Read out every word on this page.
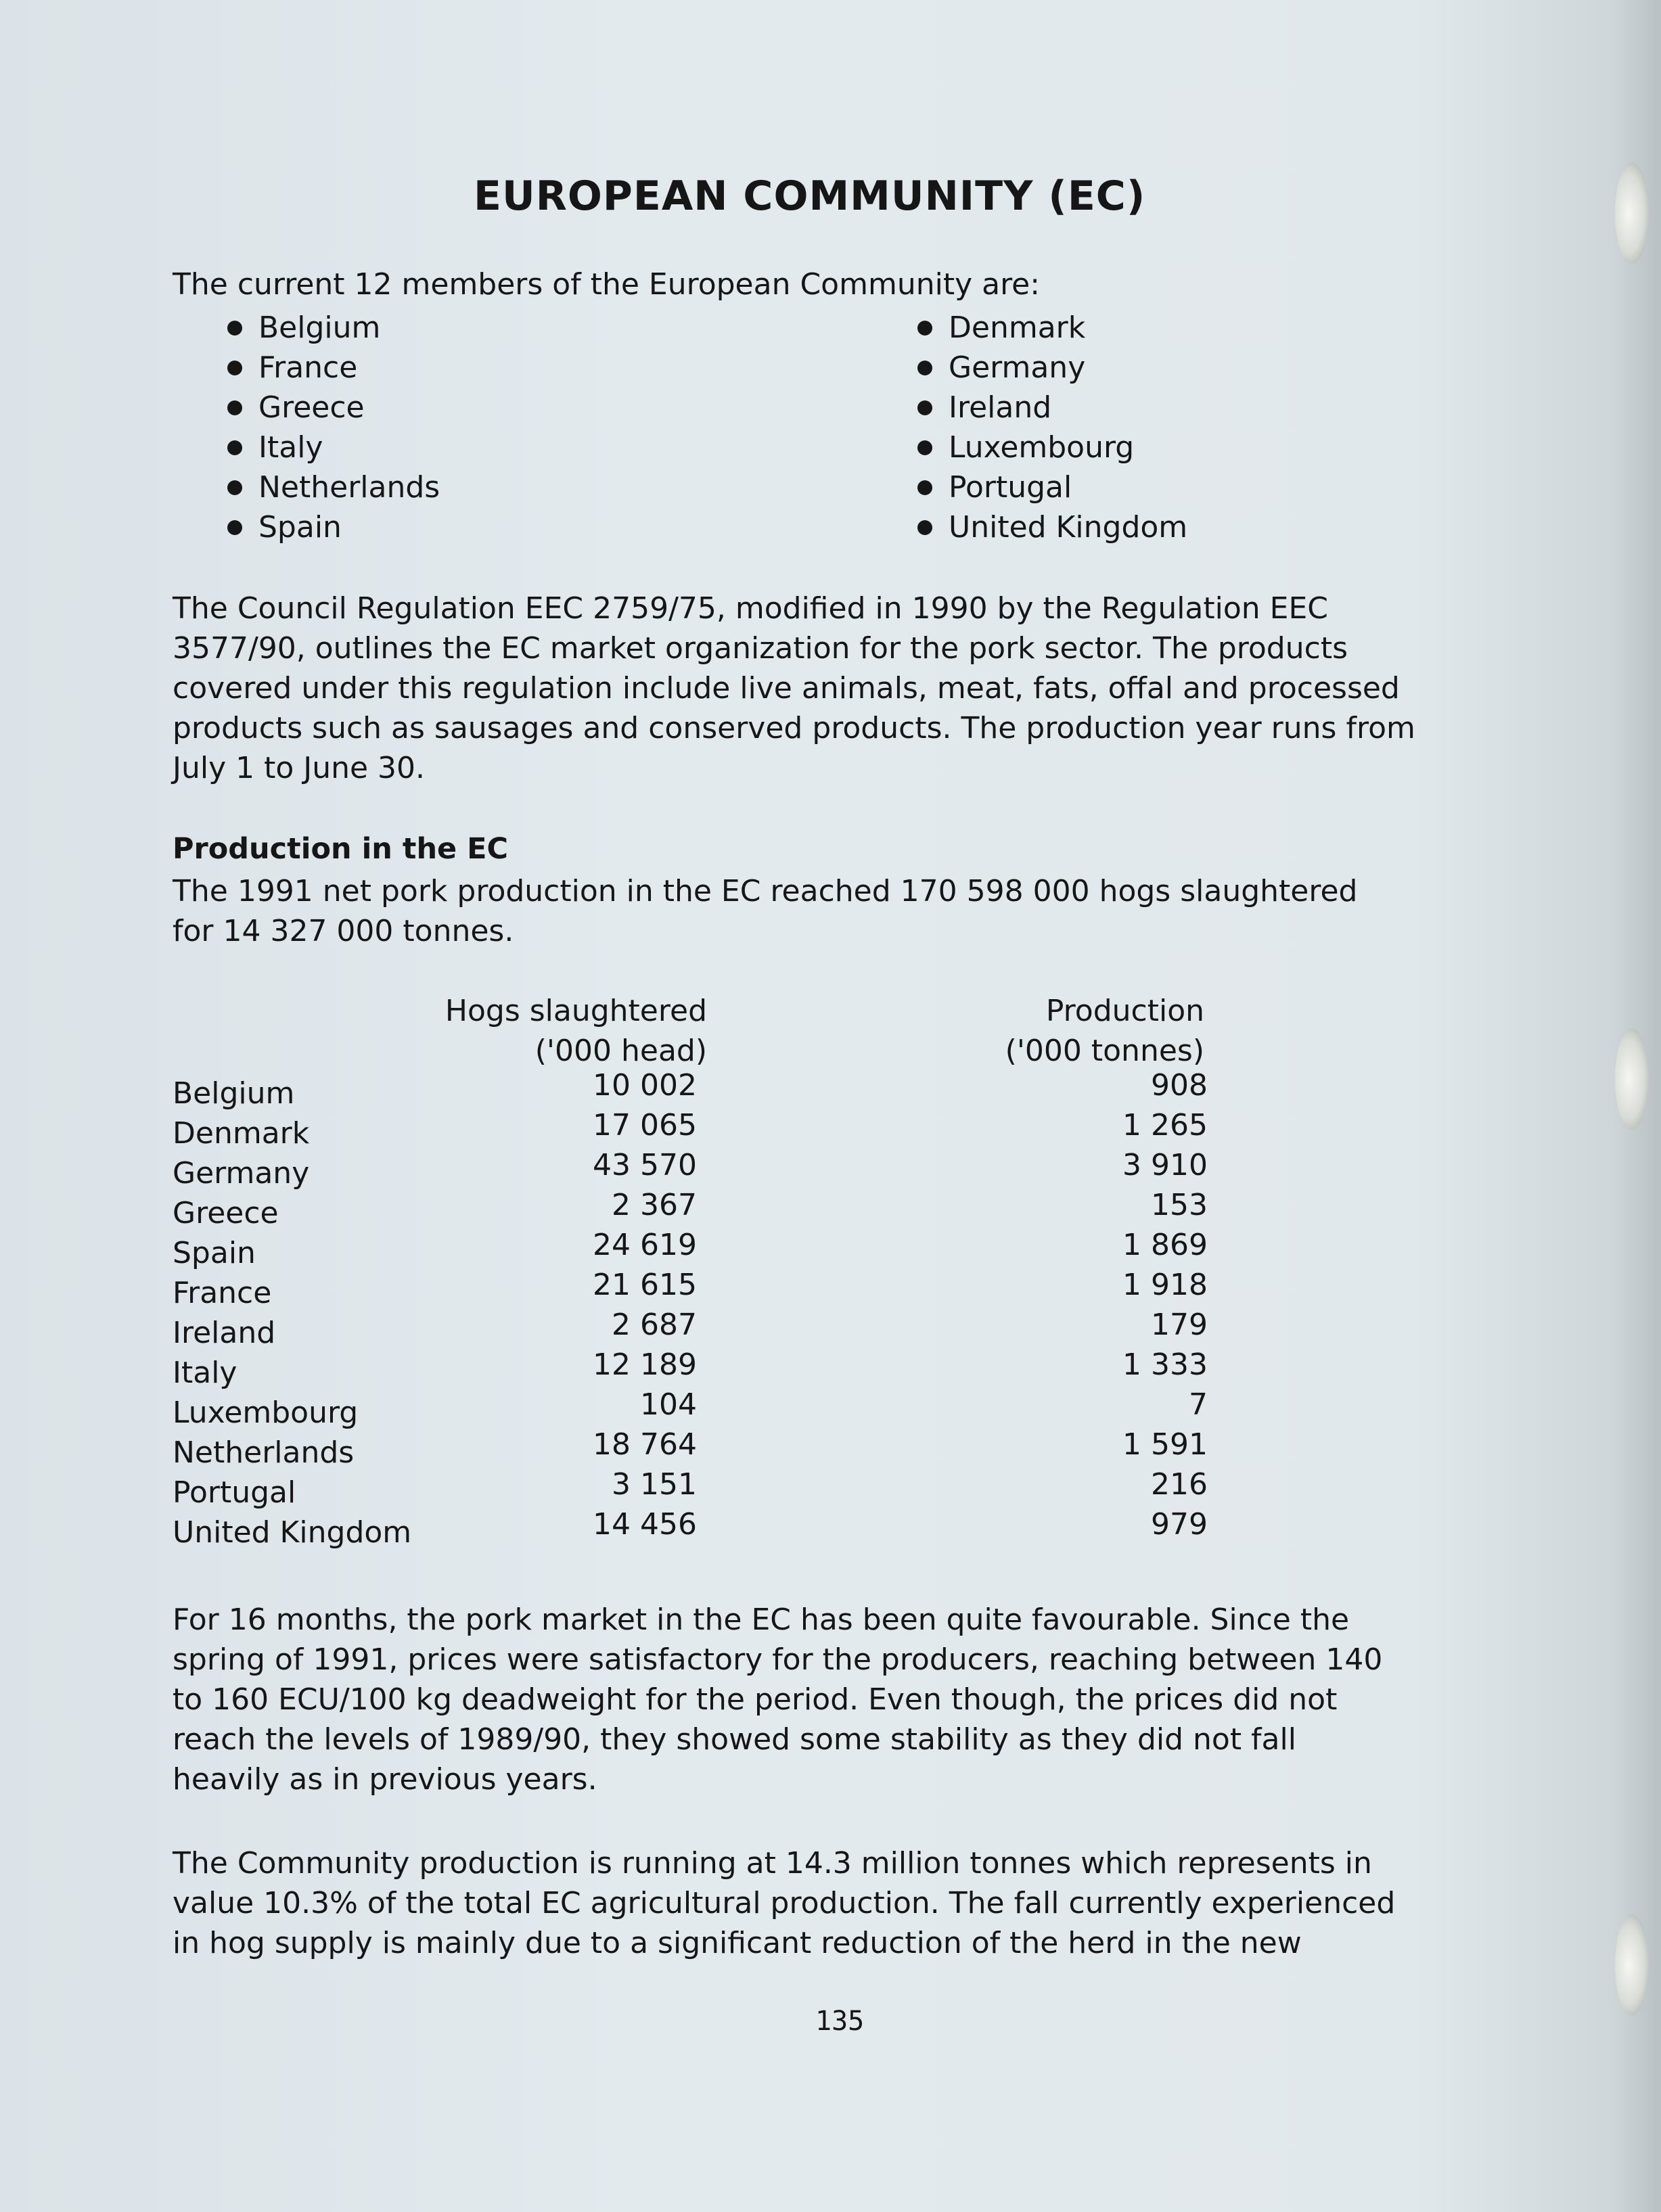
EUROPEAN COMMUNITY (EC)

The current 12 members of the European Community are:

Belgium
France
Greece
Italy
Netherlands
Spain
Denmark
Germany
Ireland
Luxembourg
Portugal
United Kingdom
The Council Regulation EEC 2759/75, modified in 1990 by the Regulation EEC
3577/90, outlines the EC market organization for the pork sector. The products
covered under this regulation include live animals, meat, fats, offal and processed
products such as sausages and conserved products. The production year runs from
July 1 to June 30.
Production in the EC
The 1991 net pork production in the EC reached 170 598 000 hogs slaughtered
for 14 327 000 tonnes.
Hogs slaughtered
('000 head)
Production
('000 tonnes)
Belgium	10 002	908
Denmark	17 065	1 265
Germany	43 570	3 910
Greece	2 367	153
Spain	24 619	1 869
France	21 615	1 918
Ireland	2 687	179
Italy	12 189	1 333
Luxembourg	104	7
Netherlands	18 764	1 591
Portugal	3 151	216
United Kingdom	14 456	979
For 16 months, the pork market in the EC has been quite favourable. Since the
spring of 1991, prices were satisfactory for the producers, reaching between 140
to 160 ECU/100 kg deadweight for the period. Even though, the prices did not
reach the levels of 1989/90, they showed some stability as they did not fall
heavily as in previous years.
The Community production is running at 14.3 million tonnes which represents in
value 10.3% of the total EC agricultural production. The fall currently experienced
in hog supply is mainly due to a significant reduction of the herd in the new

135
